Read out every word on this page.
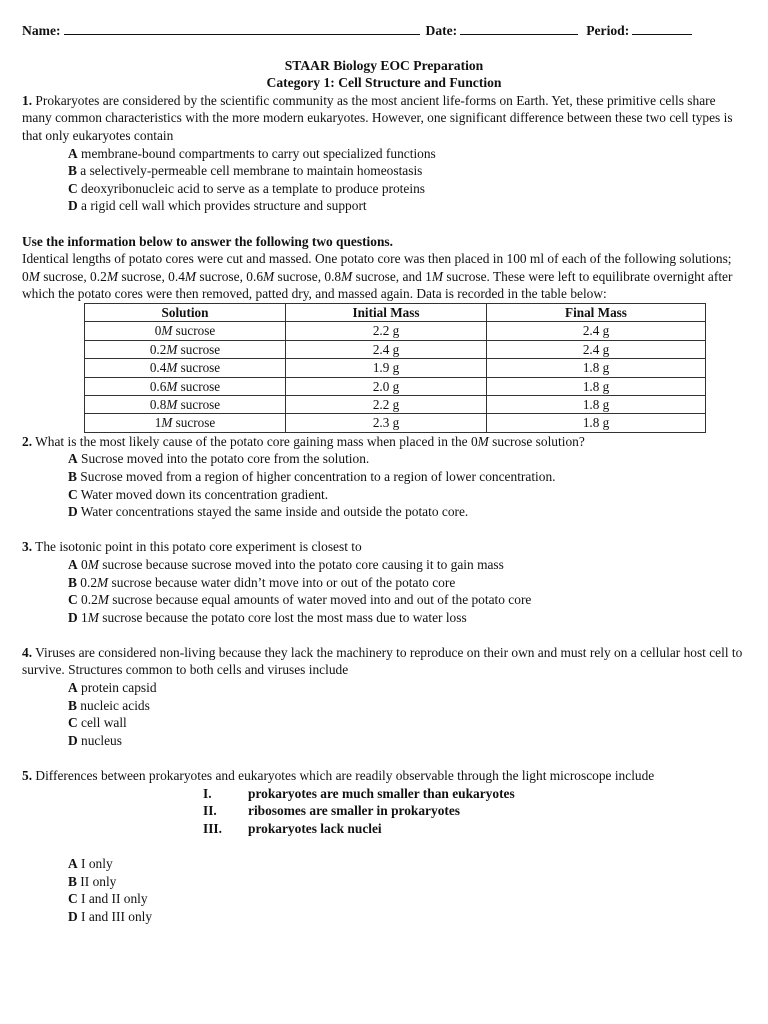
Name:	Date:	Period:
STAAR Biology EOC Preparation
Category 1: Cell Structure and Function

1. Prokaryotes are considered by the scientific community as the most ancient life-forms on Earth. Yet, these primitive cells share many common characteristics with the more modern eukaryotes. However, one significant difference between these two cell types is that only eukaryotes contain

A membrane-bound compartments to carry out specialized functions
B a selectively-permeable cell membrane to maintain homeostasis
C deoxyribonucleic acid to serve as a template to produce proteins
D a rigid cell wall which provides structure and support
Use the information below to answer the following two questions.

Identical lengths of potato cores were cut and massed. One potato core was then placed in 100 ml of each of the following solutions; 0M sucrose, 0.2M sucrose, 0.4M sucrose, 0.6M sucrose, 0.8M sucrose, and 1M sucrose. These were left to equilibrate overnight after which the potato cores were then removed, patted dry, and massed again. Data is recorded in the table below:

Solution	Initial Mass	Final Mass
0M sucrose	2.2 g	2.4 g
0.2M sucrose	2.4 g	2.4 g
0.4M sucrose	1.9 g	1.8 g
0.6M sucrose	2.0 g	1.8 g
0.8M sucrose	2.2 g	1.8 g
1M sucrose	2.3 g	1.8 g

2. What is the most likely cause of the potato core gaining mass when placed in the 0M sucrose solution?

A Sucrose moved into the potato core from the solution.
B Sucrose moved from a region of higher concentration to a region of lower concentration.
C Water moved down its concentration gradient.
D Water concentrations stayed the same inside and outside the potato core.

3. The isotonic point in this potato core experiment is closest to

A 0M sucrose because sucrose moved into the potato core causing it to gain mass
B 0.2M sucrose because water didn’t move into or out of the potato core
C 0.2M sucrose because equal amounts of water moved into and out of the potato core
D 1M sucrose because the potato core lost the most mass due to water loss

4. Viruses are considered non-living because they lack the machinery to reproduce on their own and must rely on a cellular host cell to survive. Structures common to both cells and viruses include

A protein capsid
B nucleic acids
C cell wall
D nucleus

5. Differences between prokaryotes and eukaryotes which are readily observable through the light microscope include

I.	prokaryotes are much smaller than eukaryotes
II.	ribosomes are smaller in prokaryotes
III.	prokaryotes lack nuclei
A I only
B II only
C I and II only
D I and III only
